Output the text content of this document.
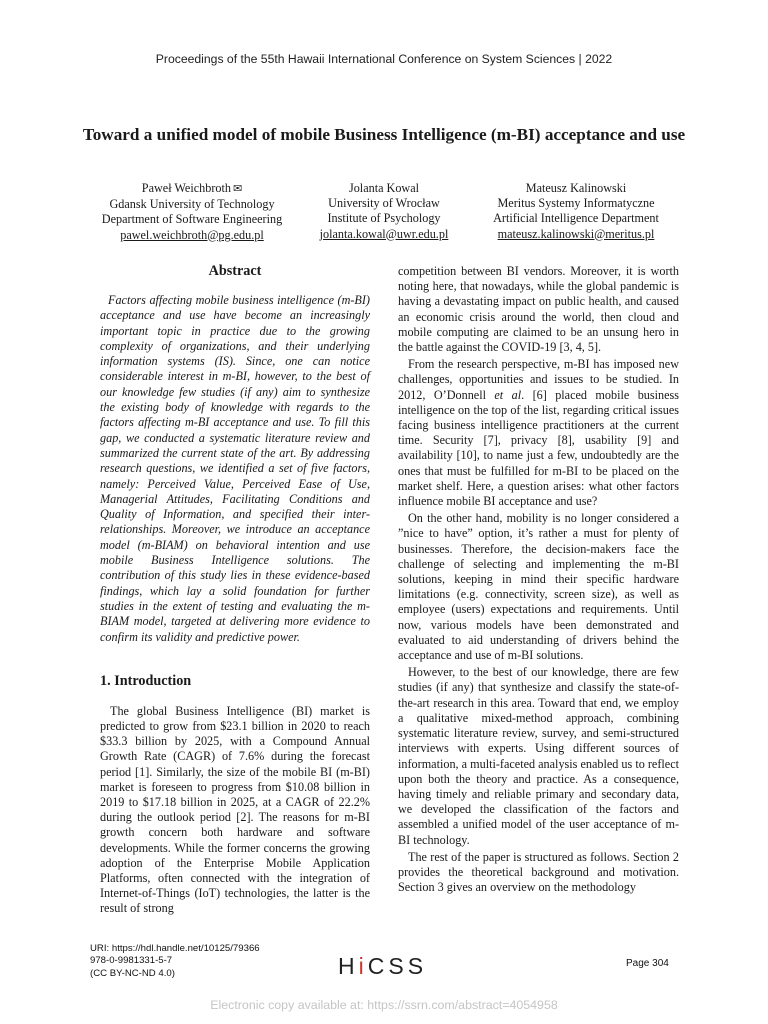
Proceedings of the 55th Hawaii International Conference on System Sciences | 2022
Toward a unified model of mobile Business Intelligence (m-BI) acceptance and use
Paweł Weichbroth ✉
Gdansk University of Technology
Department of Software Engineering
pawel.weichbroth@pg.edu.pl
Jolanta Kowal
University of Wrocław
Institute of Psychology
jolanta.kowal@uwr.edu.pl
Mateusz Kalinowski
Meritus Systemy Informatyczne
Artificial Intelligence Department
mateusz.kalinowski@meritus.pl
Abstract

Factors affecting mobile business intelligence (m-BI) acceptance and use have become an increasingly important topic in practice due to the growing complexity of organizations, and their underlying information systems (IS). Since, one can notice considerable interest in m-BI, however, to the best of our knowledge few studies (if any) aim to synthesize the existing body of knowledge with regards to the factors affecting m-BI acceptance and use. To fill this gap, we conducted a systematic literature review and summarized the current state of the art. By addressing research questions, we identified a set of five factors, namely: Perceived Value, Perceived Ease of Use, Managerial Attitudes, Facilitating Conditions and Quality of Information, and specified their inter-relationships. Moreover, we introduce an acceptance model (m-BIAM) on behavioral intention and use mobile Business Intelligence solutions. The contribution of this study lies in these evidence-based findings, which lay a solid foundation for further studies in the extent of testing and evaluating the m-BIAM model, targeted at delivering more evidence to confirm its validity and predictive power.

1. Introduction

The global Business Intelligence (BI) market is predicted to grow from $23.1 billion in 2020 to reach $33.3 billion by 2025, with a Compound Annual Growth Rate (CAGR) of 7.6% during the forecast period [1]. Similarly, the size of the mobile BI (m-BI) market is foreseen to progress from $10.08 billion in 2019 to $17.18 billion in 2025, at a CAGR of 22.2% during the outlook period [2]. The reasons for m-BI growth concern both hardware and software developments. While the former concerns the growing adoption of the Enterprise Mobile Application Platforms, often connected with the integration of Internet-of-Things (IoT) technologies, the latter is the result of strong

competition between BI vendors. Moreover, it is worth noting here, that nowadays, while the global pandemic is having a devastating impact on public health, and caused an economic crisis around the world, then cloud and mobile computing are claimed to be an unsung hero in the battle against the COVID-19 [3, 4, 5].

From the research perspective, m-BI has imposed new challenges, opportunities and issues to be studied. In 2012, O’Donnell et al. [6] placed mobile business intelligence on the top of the list, regarding critical issues facing business intelligence practitioners at the current time. Security [7], privacy [8], usability [9] and availability [10], to name just a few, undoubtedly are the ones that must be fulfilled for m-BI to be placed on the market shelf. Here, a question arises: what other factors influence mobile BI acceptance and use?

On the other hand, mobility is no longer considered a ”nice to have” option, it’s rather a must for plenty of businesses. Therefore, the decision-makers face the challenge of selecting and implementing the m-BI solutions, keeping in mind their specific hardware limitations (e.g. connectivity, screen size), as well as employee (users) expectations and requirements. Until now, various models have been demonstrated and evaluated to aid understanding of drivers behind the acceptance and use of m-BI solutions.

However, to the best of our knowledge, there are few studies (if any) that synthesize and classify the state-of-the-art research in this area. Toward that end, we employ a qualitative mixed-method approach, combining systematic literature review, survey, and semi-structured interviews with experts. Using different sources of information, a multi-faceted analysis enabled us to reflect upon both the theory and practice. As a consequence, having timely and reliable primary and secondary data, we developed the classification of the factors and assembled a unified model of the user acceptance of m-BI technology.

The rest of the paper is structured as follows. Section 2 provides the theoretical background and motivation. Section 3 gives an overview on the methodology

URI: https://hdl.handle.net/10125/79366
978-0-9981331-5-7
(CC BY-NC-ND 4.0)	HiCSS	Page 304
Electronic copy available at: https://ssrn.com/abstract=4054958
